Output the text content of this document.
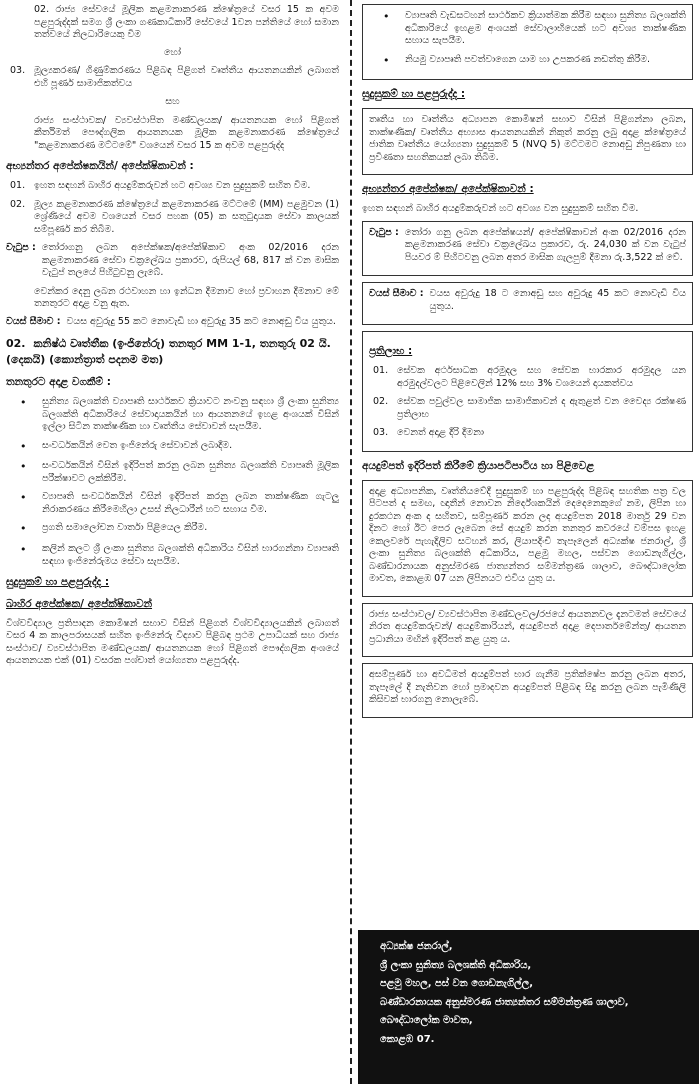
02. රාජ්‍ය සේවයේ මූලික කළමනාකරණ ක්ෂේත්‍රයේ වසර 15 ක අවම පළපුරුද්දක් සමග ශ්‍රී ලංකා ගණකාධිකාරී සේවයේ 1වන පන්තියේ හෝ සමාන තත්වයේ නිලධාරියෙකු වීම

හෝ
03. මූල්‍යකරණ/ ගිණුම්කරණය පිළිබඳ පිළිගත් වෘත්තීය ආයතනයකින් ලබාගත් එහි පූර්ණ සාමාජිකත්වය
සහ

රාජ්‍ය සංස්ථාවක/ ව්‍යවස්ථාපිත මණ්ඩලයක/ ආයතනයක හෝ පිළිගත් කීර්තිමත් පෞද්ගලික ආයතනයක මූලික කළමනාකරණ ක්ෂේත්‍රයේ "කළමනාකරණ මට්ටමේ" වශයෙන් වසර 15 ක අවම පළපුරුද්ද

අභ්‍යන්තර අපේක්ෂකයින්/ අපේක්ෂිකාවන් :
01. ඉහත සඳහන් බාහිර අයදුම්කරුවන් හට අවශ්‍ය වන සුදුසුකම් සහිත වීම.
02. මූල්‍ය කළමනාකරණ ක්ෂේත්‍රයේ කළමනාකරණ මට්ටමේ (MM) පළමුවන (1) ශ්‍රේණියේ අවම වශයෙන් වසර පහක (05) ක සතුටුදායක සේවා කාලයක් සම්පූර්ණ කර තිබීම.
වැටුප : තෝරාගනු ලබන අපේක්ෂක/අපේක්ෂිකාව අංක 02/2016 දරන කළමනාකරණ සේවා චක්‍රලේඛය ප්‍රකාරව, රුපියල් 68, 817 ක් වන මාසික වැටුප් තලයේ පිහිටුවනු ලැබේ.

වෙන්කර දෙනු ලබන රථවාහන හා ඉන්ධන දීමනාව හෝ ප්‍රවාහන දීමනාව මේ තනතුරට අදාළ වනු ඇත.

වයස් සීමාව : වයස අවුරුදු 55 කට නොවැඩි හා අවුරුදු 35 කට නොඅඩු විය යුතුය.
02. කනිෂ්ඨ වෘත්තීක (ඉංජිනේරු) තනතුර MM 1-1, තනතුරු 02 යි. (දෙකයි) (කොන්ත්‍රාත් පදනම මත)
තනතුරට අදාළ වගකීම් :
•
සුනිත්‍ය බලශක්ති ව්‍යාපෘති සාර්ථකව ක්‍රියාවට නංවනු සඳහා ශ්‍රී ලංකා සුනිත්‍ය බලශක්ති අධිකාරියේ සේවාදායකයින් හා ආයතනයේ ඉහළ අංශයක් විසින් ඉල්ලා සිටින තාක්ෂණික හා වෘත්තීය සේවාවන් සැපයීම.
•
සංවර්ධකයින් වෙත ඉංජිනේරු සේවාවන් ලබාදීම.
•
සංවර්ධකයින් විසින් ඉදිරිපත් කරනු ලබන සුනිත්‍ය බලශක්ති ව්‍යාපෘති මූලික පරීක්ෂාවට ලක්කිරීම.
•
ව්‍යාපෘති සංවර්ධකයින් විසින් ඉදිරිපත් කරනු ලබන තාක්ෂණික ගැටලු නිරාකරණය කිරීමෙහිලා උසස් නිලධාරීන් හට සහාය වීම.
•
ප්‍රගති සමාලෝචන වාර්තා පිළියෙල කිරීම.
•
කලින් කලට ශ්‍රී ලංකා සුනිත්‍ය බලශක්ති අධිකාරිය විසින් භාරගන්නා ව්‍යාපෘති සඳහා ඉංජිනේරුමය සේවා සැපයීම.
සුදුසුකම් හා පළපුරුද්ද :
බාහිර අපේක්ෂක/ අපේක්ෂිකාවන්

විශ්වවිද්‍යාල ප්‍රතිපාදන කොමිෂන් සභාව විසින් පිළිගත් විශ්වවිද්‍යාලයකින් ලබාගත් වසර 4 ක කාලපරාසයක් සහිත ඉංජිනේරු විද්‍යාව පිළිබඳ ප්‍රථම උපාධියක් සහ රාජ්‍ය සංස්ථාව/ ව්‍යවස්ථාපිත මණ්ඩලයක/ ආයතනයක හෝ පිළිගත් පෞද්ගලික අංශයේ ආයතනයක එක් (01) වසරක පශ්චාත් යෝග්‍යතා පළපුරුද්ද.

•
ව්‍යාපෘති වැඩසටහන් සාර්ථකව ක්‍රියාත්මක කිරීම සඳහා සුනිත්‍ය බලශක්ති අධිකාරියේ ඉහළම අංශයක් සේවාලාභියෙක් හට අවශ්‍ය තාක්ෂණික සහාය සැපයීම.
•
නියමු ව්‍යාපෘති පවත්වාගෙන යාම හා උපකරණ නඩත්තු කිරීම.
සුදුසුකම් හා පළපුරුද්ද :

තෘතීය හා වෘත්තීය අධ්‍යාපන කොමිෂන් සභාව විසින් පිළිගන්නා ලබන, තාක්ෂණික/ වෘත්තීය අභ්‍යාස ආයතනයකින් නිකුත් කරනු ලබු අදාළ ක්ෂේත්‍රයේ ජාතික වෘත්තීය යෝග්‍යතා සුදුසුකම් 5 (NVQ 5) මට්ටමට නොඅඩු නිපුණතා හා ප්‍රවීණතා සහතිකයක් ලබා තිබීම.

අභ්‍යන්තර අපේක්ෂක/ අපේක්ෂිකාවන් :

ඉහත සඳහන් බාහිර අයදුම්කරුවන් හට අවශ්‍ය වන සුදුසුකම් සහිත වීම.

වැටුප : තෝරා ගනු ලබන අපේක්ෂයන්/ අපේක්ෂිකාවන් අංක 02/2016 දරන කළමනාකරණ සේවා චක්‍රලේඛය ප්‍රකාරව, රු. 24,030 ක් වන වැටුප් පියවර ම් පිහිටවනු ලබන අතර මාසික ගැලපුම් දීමනා රු.3,522 ක් වේ.
වයස් සීමාව : වයස අවුරුදු 18 ට නොඅඩු සහ අවුරුදු 45 කට නොවැඩි විය යුතුය.
ප්‍රතිලාභ :
01. සේවක අර්ථසාධක අරමුදල සහ සේවක භාරකාර අරමුදල යන අරමුදල්වලට පිළිවෙලින් 12% සහ 3% වශයෙන් දායකත්වය
02. සේවක පවුල්වල සාමාජික සාමාජිකාවන් ද ඇතුළත් වන වෛද්‍ය රක්ෂණ ප්‍රතිලාභ
03. වෙනත් අදාළ දීරි දීමනා
අයදුම්පත් ඉදිරිපත් කිරීමේ ක්‍රියාපටිපාටිය හා පිළිවෙළ

අදාළ අධ්‍යාපනික, වෘත්තීයවේදී සුදුසුකම් හා පළපුරුද්ද පිළිබඳ සහතික පත්‍ර වල පිටපත් ද සමඟ, ඥාතීන් නොවන නිර්දේශකයින් දෙදෙනෙකුගේ නම, ලිපින හා දුරකථන අංක ද සහිතව, සම්පූර්ණ කරන ලද අයදුම්පත 2018 මාර්තු 29 වන දිනට හෝ ඊට පෙර ලැබෙන සේ අයදුම් කරන තනතුර කවරයේ වම්පස ඉහළ කෙලවරේ පැහැදිලිව සටහන් කර, ලියාපදිංචි තැපෑලෙන් අධ්‍යක්ෂ ජනරාල්, ශ්‍රී ලංකා සුනිත්‍ය බලශක්ති අධිකාරිය, පළමු මහල, පස්වන ගොඩනැගිල්ල, බණ්ඩාරනායක අනුස්මරණ ජාත්‍යන්තර සම්මන්ත්‍රණ ශාලාව, බෞද්ධාලෝක මාවත, කොළඹ 07 යන ලිපිනයට එවිය යුතු ය.

රාජ්‍ය සංස්ථාවල/ ව්‍යවස්ථාපිත මණ්ඩලවල/රජයේ ආයතනවල දැනටමත් සේවයේ නිරත අයදුම්කරුවන්/ අයදුම්කාරියන්, අයදුම්පත් අදාළ දෙපාර්තමේන්තු/ ආයතන ප්‍රධානියා මඟින් ඉදිරිපත් කළ යුතු ය.

අසම්පූර්ණ හා අවධිමත් අයදුම්පත් භාර ගැනීම ප්‍රතික්ෂේප කරනු ලබන අතර, තැපෑලේ දී නැතිවන හෝ ප්‍රමාදවන අයදුම්පත් පිළිබඳ සිදු කරනු ලබන පැමිණිලි කිසිවක් භාරගනු නොලැබේ.

අධ්‍යක්ෂ ජනරාල්,
ශ්‍රී ලංකා සුනිත්‍ය බලශක්ති අධිකාරිය,
පළමු මහල, පස් වන ගොඩනැගිල්ල,
බණ්ඩාරනායක අනුස්මරණ ජාත්‍යන්තර සම්මන්ත්‍රණ ශාලාව,
බෞද්ධාලෝක මාවත,
කොළඹ 07.
